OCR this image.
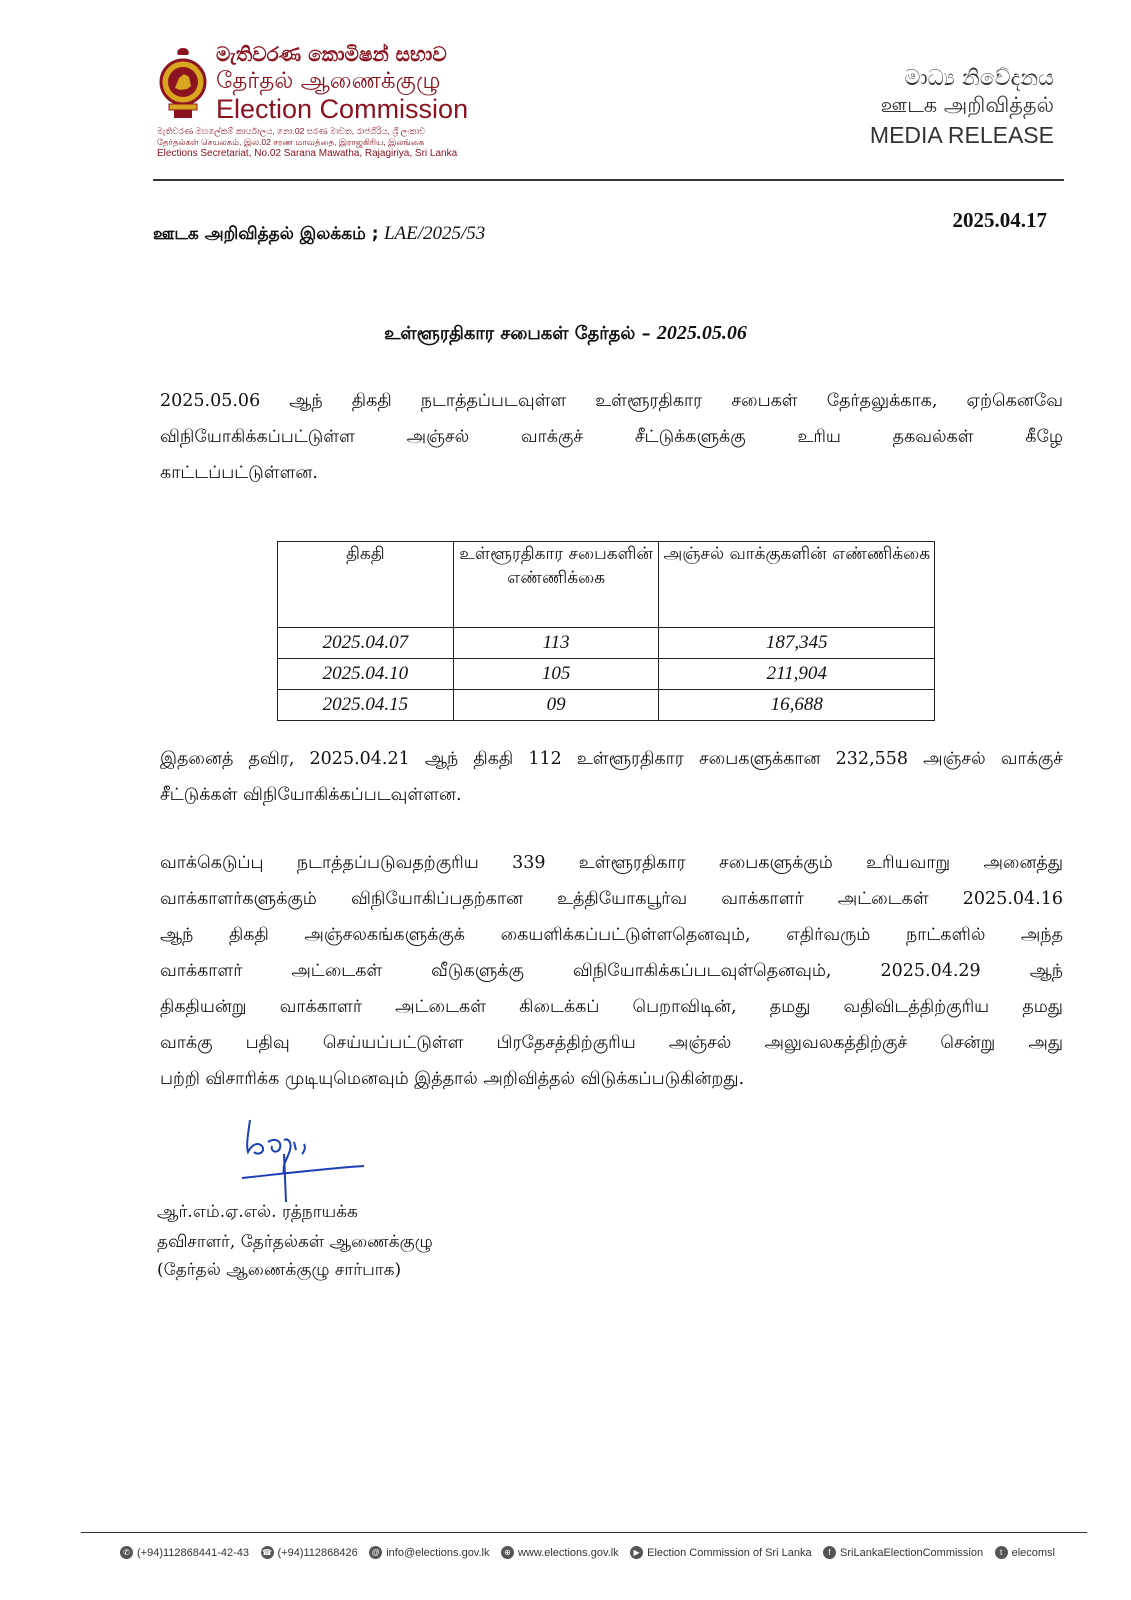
මැතිවරණ කොමිෂන් සභාව
தேர்தல் ஆணைக்குழு
Election Commission
මැතිවරණ මහලේකම් කාර්යාලය, නො.02 සරණ මාවත, රාජගිරිය, ශ්‍රී ලංකාව
தேர்தல்கள் செயலகம், இல.02 சரண மாவத்தை, இராஜகிரிய, இலங்கை
Elections Secretariat, No.02 Sarana Mawatha, Rajagiriya, Sri Lanka
මාධ්‍ය නිවේදනය
ஊடக அறிவித்தல்
MEDIA RELEASE
ஊடக அறிவித்தல் இலக்கம் ; LAE/2025/53
2025.04.17
உள்ளூரதிகார சபைகள் தேர்தல் – 2025.05.06
2025.05.06 ஆந் திகதி நடாத்தப்படவுள்ள உள்ளூரதிகார சபைகள் தேர்தலுக்காக, ஏற்கெனவே
விநியோகிக்கப்பட்டுள்ள அஞ்சல் வாக்குச் சீட்டுக்களுக்கு உரிய தகவல்கள் கீழே
காட்டப்பட்டுள்ளன.
திகதி	உள்ளூரதிகார சபைகளின் எண்ணிக்கை	அஞ்சல் வாக்குகளின் எண்ணிக்கை
2025.04.07	113	187,345
2025.04.10	105	211,904
2025.04.15	09	16,688
இதனைத் தவிர, 2025.04.21 ஆந் திகதி 112 உள்ளூரதிகார சபைகளுக்கான 232,558 அஞ்சல் வாக்குச்
சீட்டுக்கள் விநியோகிக்கப்படவுள்ளன.
வாக்கெடுப்பு நடாத்தப்படுவதற்குரிய 339 உள்ளூரதிகார சபைகளுக்கும் உரியவாறு அனைத்து
வாக்காளர்களுக்கும் விநியோகிப்பதற்கான உத்தியோகபூர்வ வாக்காளர் அட்டைகள் 2025.04.16
ஆந் திகதி அஞ்சலகங்களுக்குக் கையளிக்கப்பட்டுள்ளதெனவும், எதிர்வரும் நாட்களில் அந்த
வாக்காளர் அட்டைகள் வீடுகளுக்கு விநியோகிக்கப்படவுள்தெனவும், 2025.04.29 ஆந்
திகதியன்று வாக்காளர் அட்டைகள் கிடைக்கப் பெறாவிடின், தமது வதிவிடத்திற்குரிய தமது
வாக்கு பதிவு செய்யப்பட்டுள்ள பிரதேசத்திற்குரிய அஞ்சல் அலுவலகத்திற்குச் சென்று அது
பற்றி விசாரிக்க முடியுமெனவும் இத்தால் அறிவித்தல் விடுக்கப்படுகின்றது.
ஆர்.எம்.ஏ.எல். ரத்நாயக்க
தவிசாளர், தேர்தல்கள் ஆணைக்குழு
(தேர்தல் ஆணைக்குழு சார்பாக)
✆ (+94)112868441-42-43 ☎ (+94)112868426	@ info@elections.gov.lk	⊕ www.elections.gov.lk	▶ Election Commission of Sri Lanka	f SriLankaElectionCommission	t elecomsl
